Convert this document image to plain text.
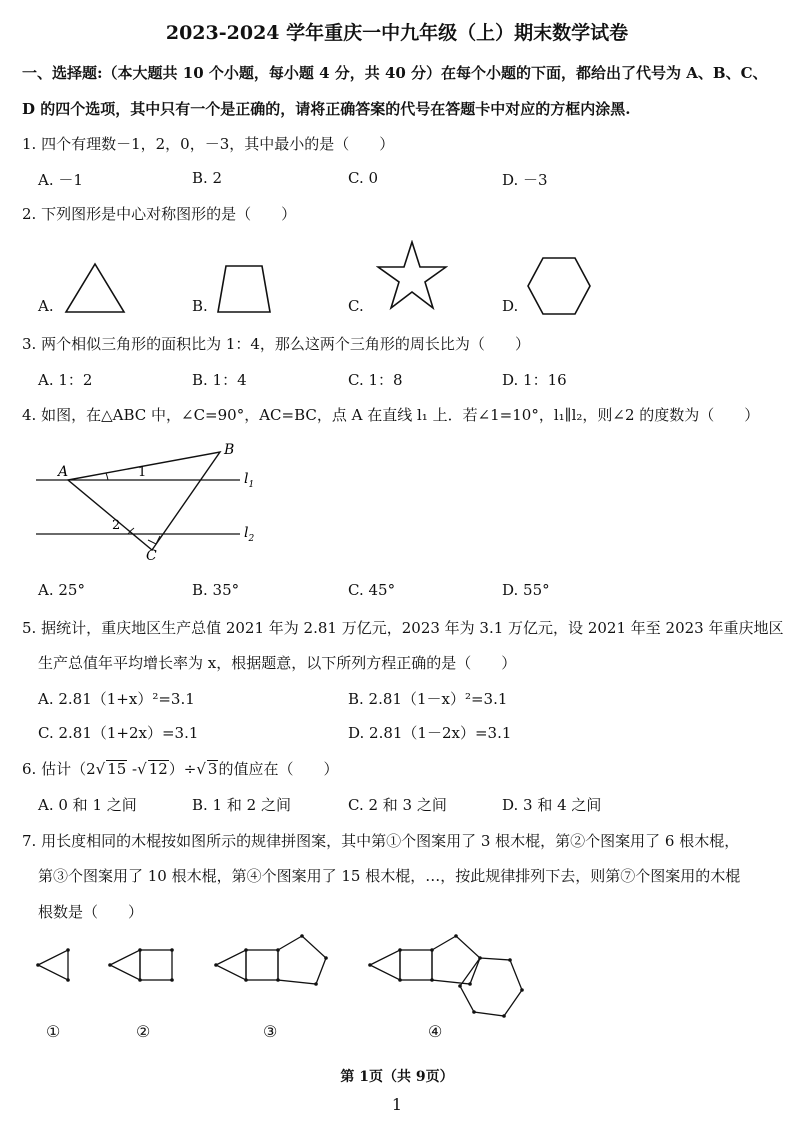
2023-2024 学年重庆一中九年级（上）期末数学试卷
一、选择题:（本大题共 10 个小题，每小题 4 分，共 40 分）在每个小题的下面，都给出了代号为 A、B、C、
D 的四个选项，其中只有一个是正确的，请将正确答案的代号在答题卡中对应的方框内涂黑.
1. 四个有理数－1，2，0，－3，其中最小的是（　　）
A. －1	B. 2	C. 0	D. －3
2. 下列图形是中心对称图形的是（　　）
A.	B.	C.	D.
3. 两个相似三角形的面积比为 1：4，那么这两个三角形的周长比为（　　）
A. 1：2	B. 1：4	C. 1：8	D. 1：16
4. 如图，在△ABC 中，∠C=90°，AC=BC，点 A 在直线 l₁ 上．若∠1=10°，l₁∥l₂，则∠2 的度数为（　　）
A
B
C
1
2
$l_1$
$l_2$
A. 25°	B. 35°	C. 45°	D. 55°
5. 据统计，重庆地区生产总值 2021 年为 2.81 万亿元，2023 年为 3.1 万亿元，设 2021 年至 2023 年重庆地区
生产总值年平均增长率为 x，根据题意，以下所列方程正确的是（　　）
A. 2.81（1+x）²=3.1	B. 2.81（1－x）²=3.1
C. 2.81（1+2x）=3.1	D. 2.81（1－2x）=3.1
6. 估计（2√ 15 -√ 12）÷√ 3的值应在（　　）
A. 0 和 1 之间	B. 1 和 2 之间	C. 2 和 3 之间	D. 3 和 4 之间
7. 用长度相同的木棍按如图所示的规律拼图案，其中第①个图案用了 3 根木棍，第②个图案用了 6 根木棍，
第③个图案用了 10 根木棍，第④个图案用了 15 根木棍，…，按此规律排列下去，则第⑦个图案用的木棍
根数是（　　）
①	②	③	④
第 1页（共 9页）
1
